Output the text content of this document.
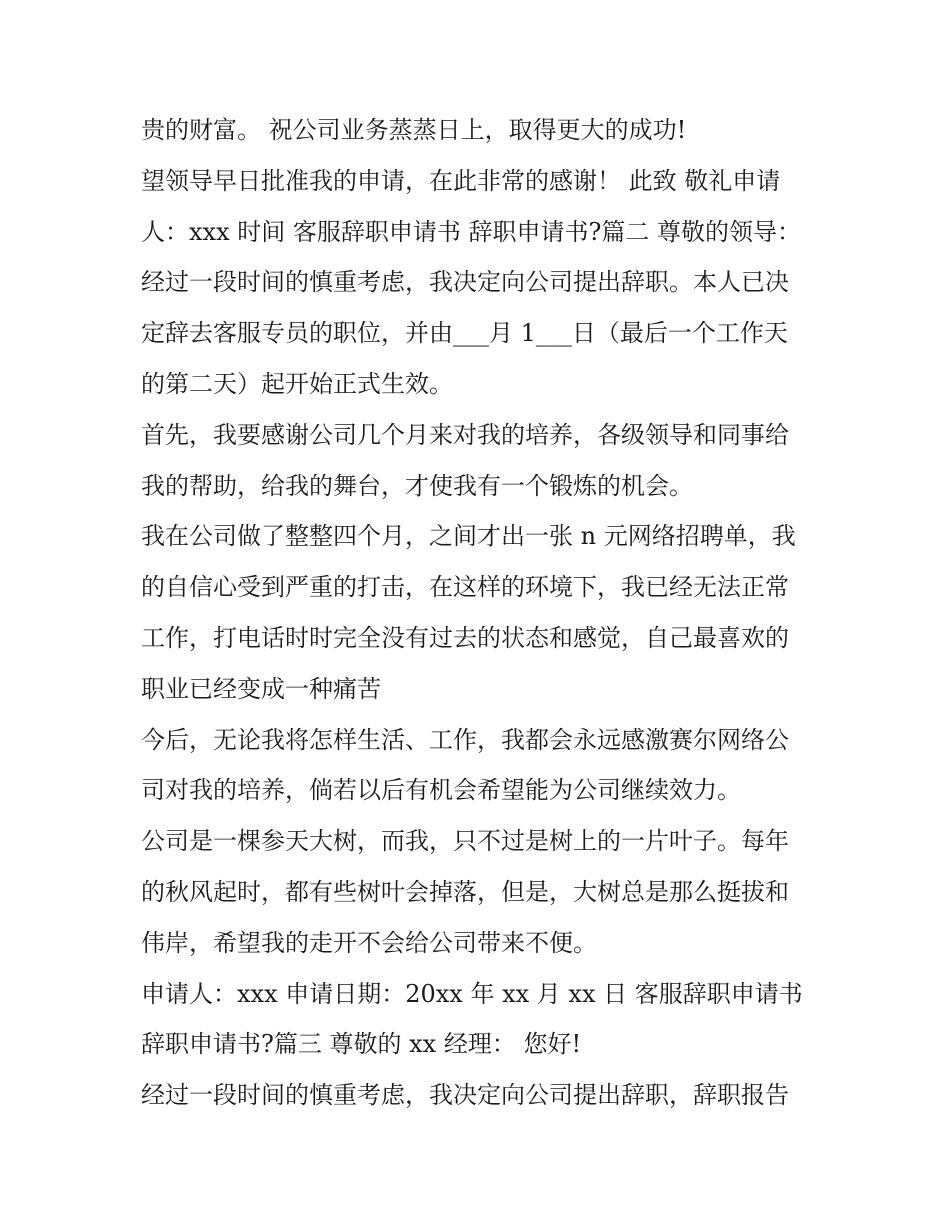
贵的财富。 祝公司业务蒸蒸日上，取得更大的成功!
望领导早日批准我的申请，在此非常的感谢！ 此致 敬礼申请
人：xxx 时间 客服辞职申请书 辞职申请书?篇二 尊敬的领导：
经过一段时间的慎重考虑，我决定向公司提出辞职。本人已决
定辞去客服专员的职位，并由___月 1___日（最后一个工作天
的第二天）起开始正式生效。
首先，我要感谢公司几个月来对我的培养，各级领导和同事给
我的帮助，给我的舞台，才使我有一个锻炼的机会。
我在公司做了整整四个月，之间才出一张 n 元网络招聘单，我
的自信心受到严重的打击，在这样的环境下，我已经无法正常
工作，打电话时时完全没有过去的状态和感觉，自己最喜欢的
职业已经变成一种痛苦
今后，无论我将怎样生活、工作，我都会永远感激赛尔网络公
司对我的培养，倘若以后有机会希望能为公司继续效力。
公司是一棵参天大树，而我，只不过是树上的一片叶子。每年
的秋风起时，都有些树叶会掉落，但是，大树总是那么挺拔和
伟岸，希望我的走开不会给公司带来不便。
申请人：xxx 申请日期：20xx 年 xx 月 xx 日 客服辞职申请书
辞职申请书?篇三 尊敬的 xx 经理： 您好!
经过一段时间的慎重考虑，我决定向公司提出辞职，辞职报告
